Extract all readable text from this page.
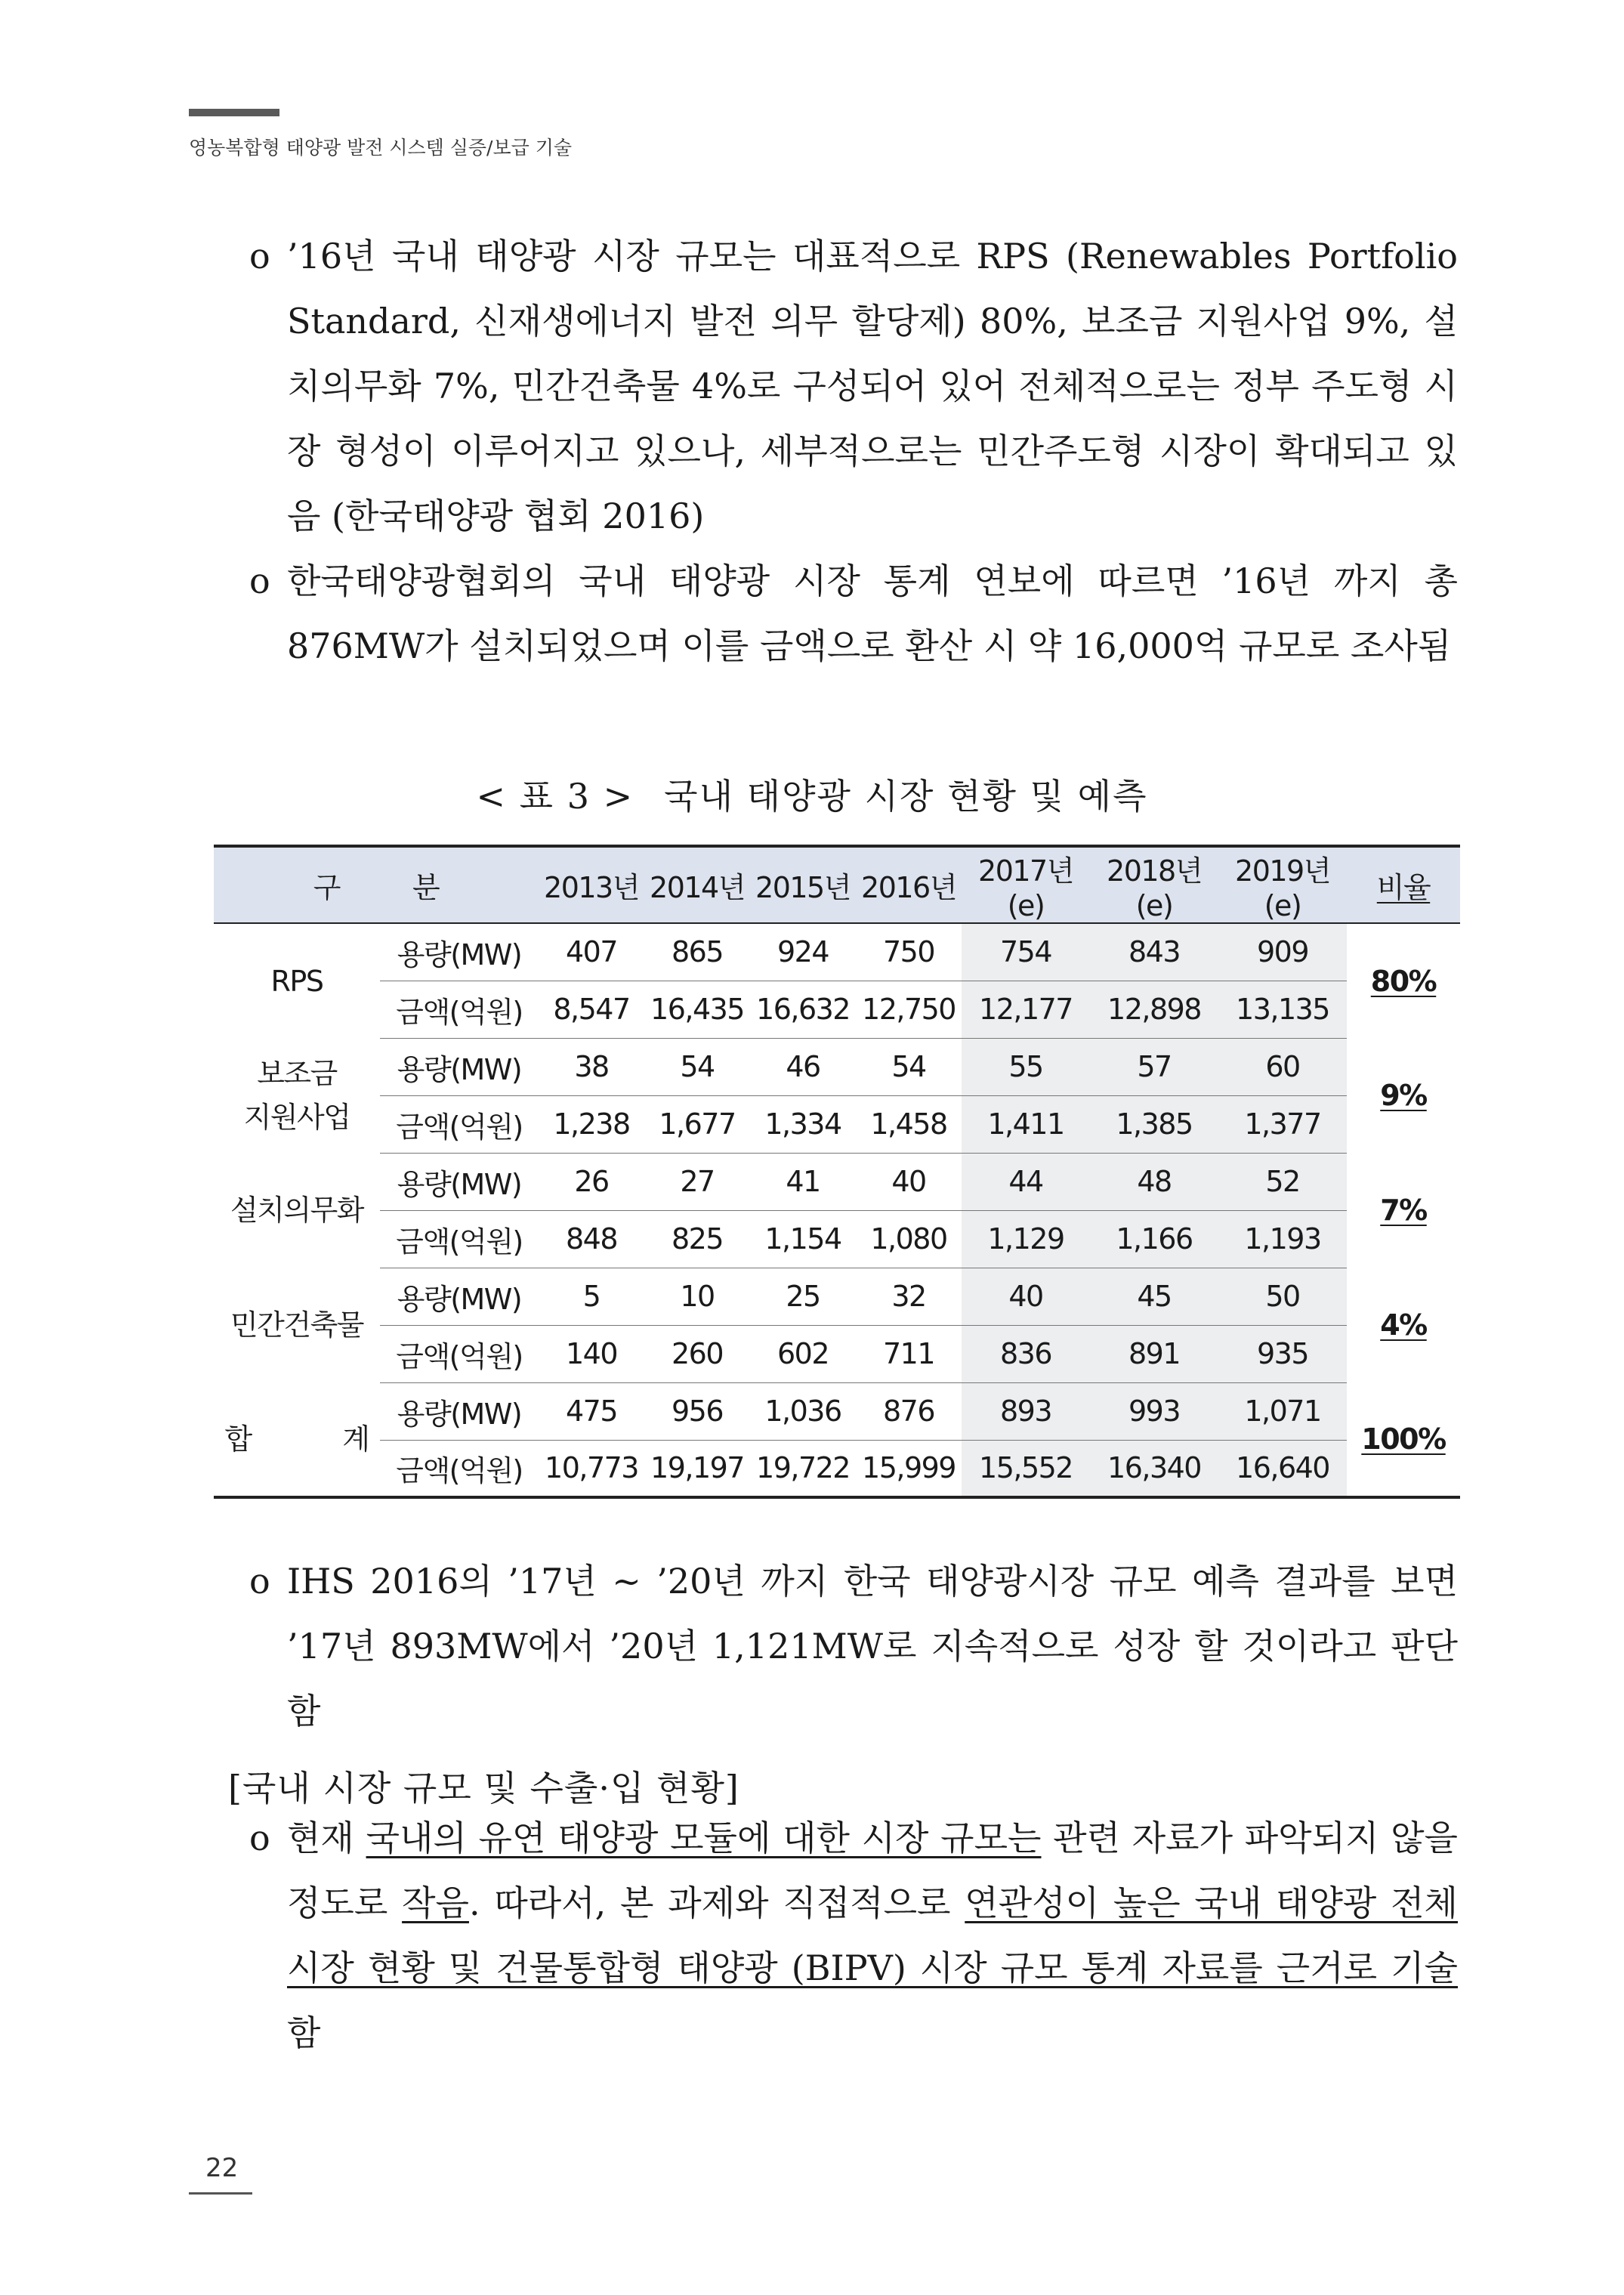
영농복합형 태양광 발전 시스템 실증/보급 기술
o ’16년 국내 태양광 시장 규모는 대표적으로 RPS (Renewables Portfolio Standard, 신재생에너지 발전 의무 할당제) 80%, 보조금 지원사업 9%, 설치의무화 7%, 민간건축물 4%로 구성되어 있어 전체적으로는 정부 주도형 시장 형성이 이루어지고 있으나, 세부적으로는 민간주도형 시장이 확대되고 있음 (한국태양광 협회 2016)
o 한국태양광협회의 국내 태양광 시장 통계 연보에 따르면 ’16년 까지 총 876MW가 설치되었으며 이를 금액으로 환산 시 약 16,000억 규모로 조사됨
< 표 3 > 국내 태양광 시장 현황 및 예측
구 분		2013년	2014년	2015년	2016년	2017년(e)	2018년(e)	2019년(e)	비율
RPS	용량(MW)	407	865	924	750	754	843	909	80%
	금액(억원)	8,547	16,435	16,632	12,750	12,177	12,898	13,135	

보조금
지원사업	용량(MW)	38	54	46	54	55	57	60	9%
	금액(억원)	1,238	1,677	1,334	1,458	1,411	1,385	1,377	
설치의무화	용량(MW)	26	27	41	40	44	48	52	7%
	금액(억원)	848	825	1,154	1,080	1,129	1,166	1,193	
민간건축물	용량(MW)	5	10	25	32	40	45	50	4%
	금액(억원)	140	260	602	711	836	891	935	
합 계	용량(MW)	475	956	1,036	876	893	993	1,071	100%
	금액(억원)	10,773	19,197	19,722	15,999	15,552	16,340	16,640	
o IHS 2016의 ’17년 ~ ’20년 까지 한국 태양광시장 규모 예측 결과를 보면 ’17년 893MW에서 ’20년 1,121MW로 지속적으로 성장 할 것이라고 판단 함
[국내 시장 규모 및 수출·입 현황]
o 현재 국내의 유연 태양광 모듈에 대한 시장 규모는 관련 자료가 파악되지 않을 정도로 작음. 따라서, 본 과제와 직접적으로 연관성이 높은 국내 태양광 전체 시장 현황 및 건물통합형 태양광 (BIPV) 시장 규모 통계 자료를 근거로 기술함
22
